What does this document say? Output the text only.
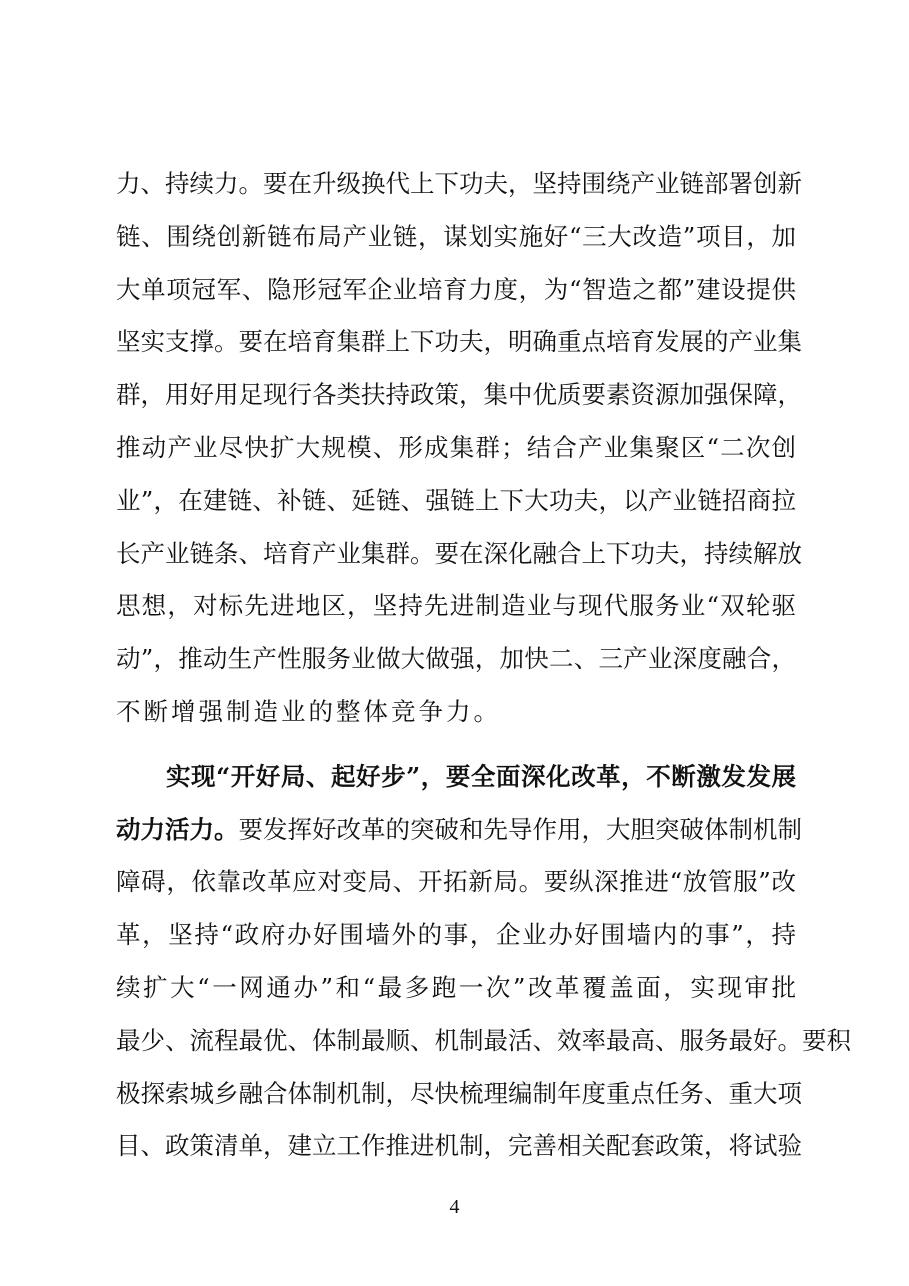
力、持续力。要在升级换代上下功夫，坚持围绕产业链部署创新
链、围绕创新链布局产业链，谋划实施好“三大改造”项目，加
大单项冠军、隐形冠军企业培育力度，为“智造之都”建设提供
坚实支撑。要在培育集群上下功夫，明确重点培育发展的产业集
群，用好用足现行各类扶持政策，集中优质要素资源加强保障，
推动产业尽快扩大规模、形成集群；结合产业集聚区“二次创
业”，在建链、补链、延链、强链上下大功夫，以产业链招商拉
长产业链条、培育产业集群。要在深化融合上下功夫，持续解放
思想，对标先进地区，坚持先进制造业与现代服务业“双轮驱
动”，推动生产性服务业做大做强，加快二、三产业深度融合，
不断增强制造业的整体竞争力。
实现“开好局、起好步”，要全面深化改革，不断激发发展
动力活力。要发挥好改革的突破和先导作用，大胆突破体制机制
障碍，依靠改革应对变局、开拓新局。要纵深推进“放管服”改
革，坚持“政府办好围墙外的事，企业办好围墙内的事”，持
续扩大“一网通办”和“最多跑一次”改革覆盖面，实现审批
最少、流程最优、体制最顺、机制最活、效率最高、服务最好。要积
极探索城乡融合体制机制，尽快梳理编制年度重点任务、重大项
目、政策清单，建立工作推进机制，完善相关配套政策，将试验
4
